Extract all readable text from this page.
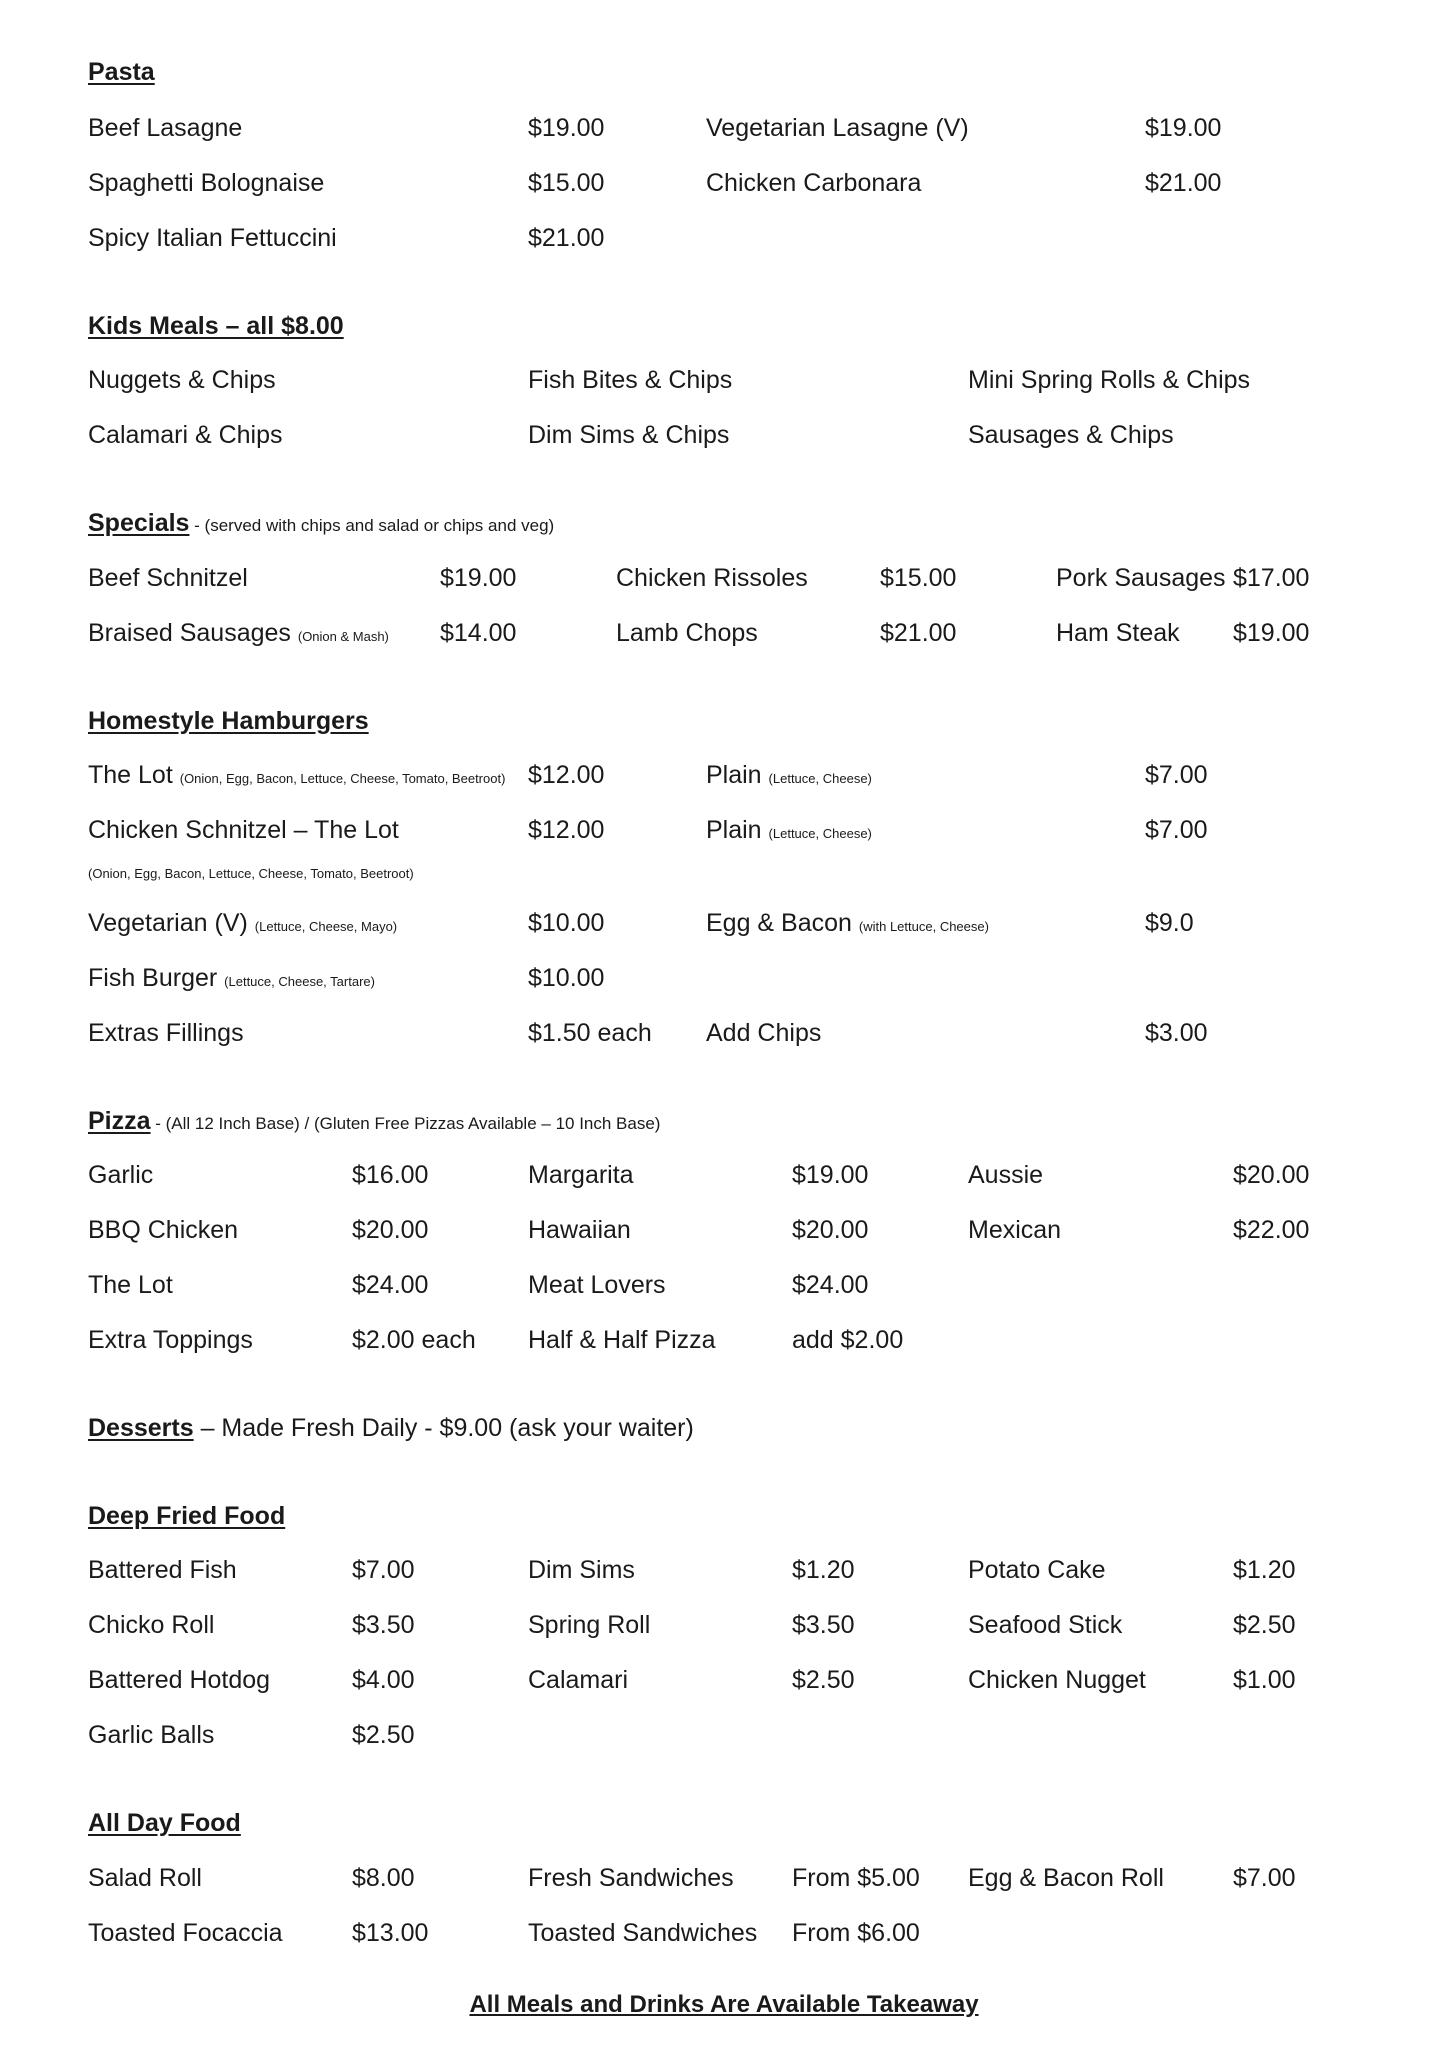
Pasta
Beef Lasagne	$19.00	Vegetarian Lasagne (V)	$19.00
Spaghetti Bolognaise	$15.00	Chicken Carbonara	$21.00
Spicy Italian Fettuccini	$21.00
Kids Meals – all $8.00
Nuggets & Chips	Fish Bites & Chips	Mini Spring Rolls & Chips
Calamari & Chips	Dim Sims & Chips	Sausages & Chips
Specials - (served with chips and salad or chips and veg)
Beef Schnitzel	$19.00	Chicken Rissoles	$15.00	Pork Sausages $17.00
Braised Sausages (Onion & Mash) $14.00	Lamb Chops	$21.00	Ham Steak $19.00
Homestyle Hamburgers
The Lot (Onion, Egg, Bacon, Lettuce, Cheese, Tomato, Beetroot) $12.00	Plain (Lettuce, Cheese)	$7.00
Chicken Schnitzel – The Lot	$12.00	Plain (Lettuce, Cheese)	$7.00
(Onion, Egg, Bacon, Lettuce, Cheese, Tomato, Beetroot)
Vegetarian (V) (Lettuce, Cheese, Mayo)	$10.00	Egg & Bacon (with Lettuce, Cheese)	$9.0
Fish Burger (Lettuce, Cheese, Tartare)	$10.00
Extras Fillings	$1.50 each Add Chips	$3.00
Pizza - (All 12 Inch Base) / (Gluten Free Pizzas Available – 10 Inch Base)
Garlic	$16.00	Margarita	$19.00	Aussie	$20.00
BBQ Chicken	$20.00	Hawaiian	$20.00	Mexican	$22.00
The Lot	$24.00	Meat Lovers	$24.00
Extra Toppings	$2.00 each Half & Half Pizza	add $2.00
Desserts – Made Fresh Daily - $9.00 (ask your waiter)
Deep Fried Food
Battered Fish	$7.00	Dim Sims	$1.20	Potato Cake	$1.20
Chicko Roll	$3.50	Spring Roll	$3.50	Seafood Stick	$2.50
Battered Hotdog	$4.00	Calamari	$2.50	Chicken Nugget	$1.00
Garlic Balls	$2.50
All Day Food
Salad Roll	$8.00	Fresh Sandwiches From $5.00 Egg & Bacon Roll	$7.00
Toasted Focaccia	$13.00	Toasted Sandwiches From $6.00
All Meals and Drinks Are Available Takeaway
